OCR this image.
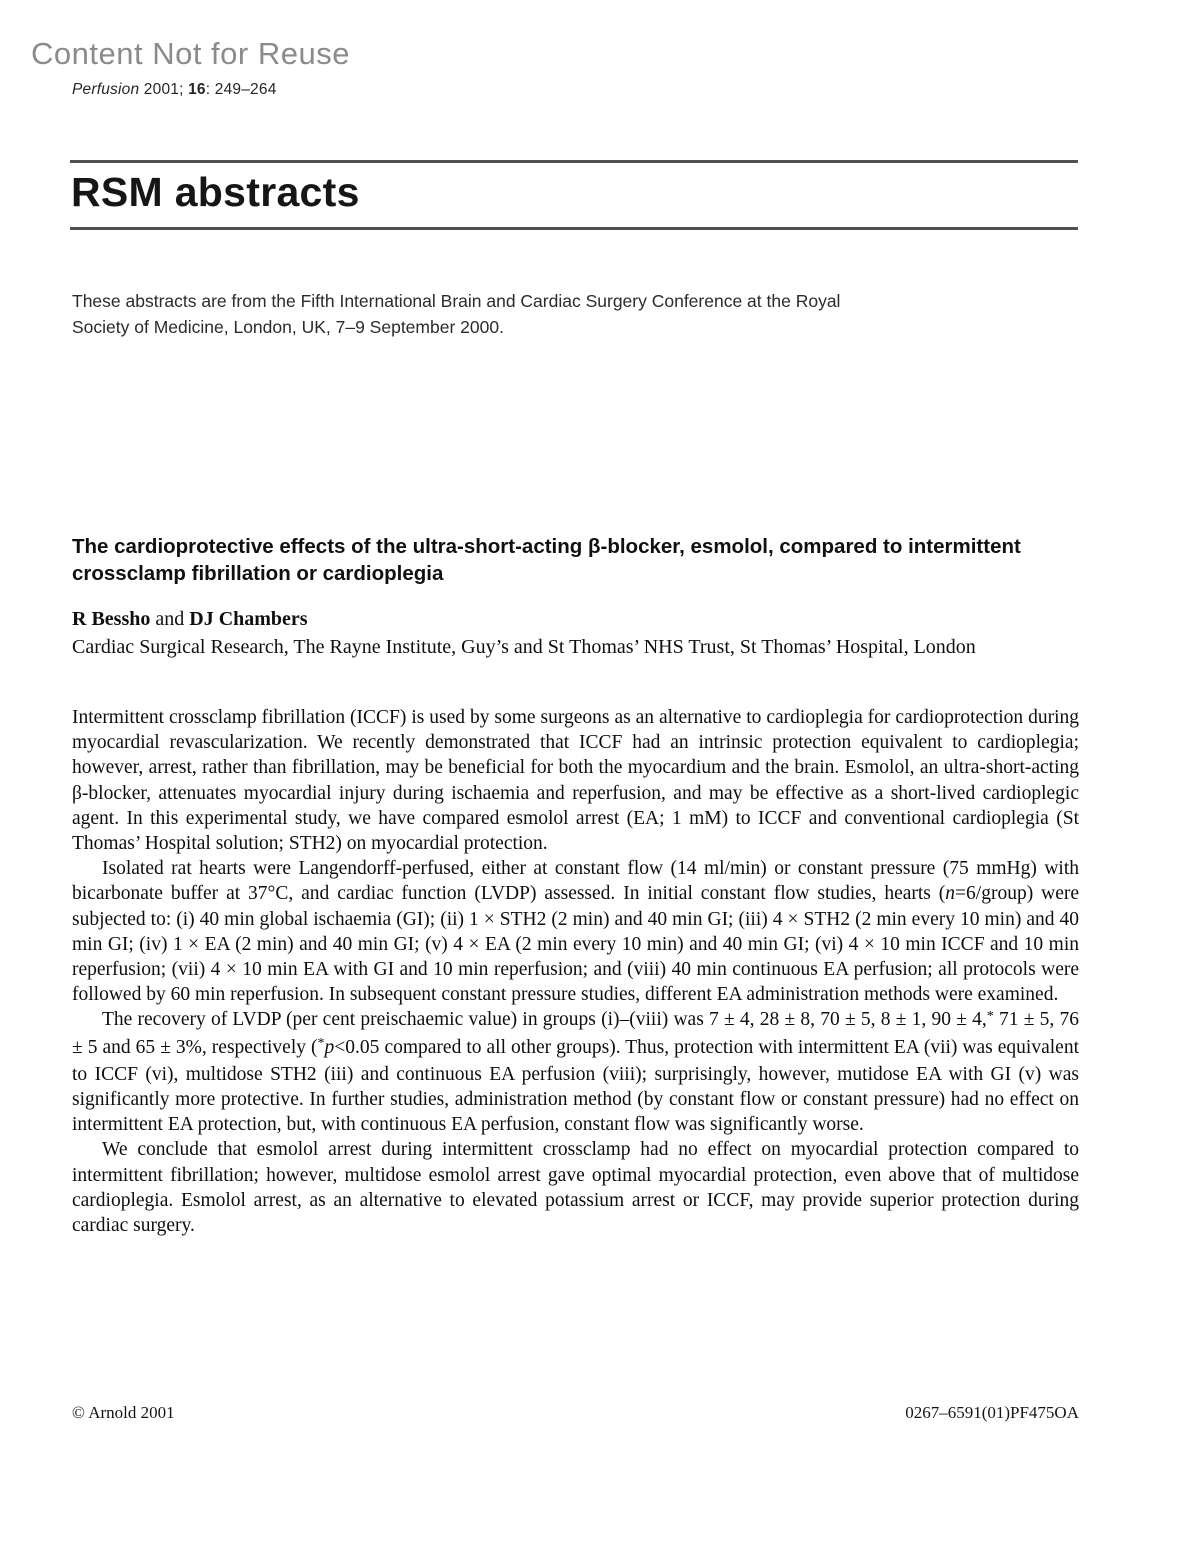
Content Not for Reuse
Perfusion 2001; 16: 249–264
RSM abstracts
These abstracts are from the Fifth International Brain and Cardiac Surgery Conference at the Royal Society of Medicine, London, UK, 7–9 September 2000.
The cardioprotective effects of the ultra-short-acting β-blocker, esmolol, compared to intermittent crossclamp fibrillation or cardioplegia
R Bessho and DJ Chambers
Cardiac Surgical Research, The Rayne Institute, Guy’s and St Thomas’ NHS Trust, St Thomas’ Hospital, London

Intermittent crossclamp fibrillation (ICCF) is used by some surgeons as an alternative to cardioplegia for cardioprotection during myocardial revascularization. We recently demonstrated that ICCF had an intrinsic protection equivalent to cardioplegia; however, arrest, rather than fibrillation, may be beneficial for both the myocardium and the brain. Esmolol, an ultra-short-acting β-blocker, attenuates myocardial injury during ischaemia and reperfusion, and may be effective as a short-lived cardioplegic agent. In this experimental study, we have compared esmolol arrest (EA; 1 mM) to ICCF and conventional cardioplegia (St Thomas’ Hospital solution; STH2) on myocardial protection.

Isolated rat hearts were Langendorff-perfused, either at constant flow (14 ml/min) or constant pressure (75 mmHg) with bicarbonate buffer at 37°C, and cardiac function (LVDP) assessed. In initial constant flow studies, hearts (n=6/group) were subjected to: (i) 40 min global ischaemia (GI); (ii) 1 × STH2 (2 min) and 40 min GI; (iii) 4 × STH2 (2 min every 10 min) and 40 min GI; (iv) 1 × EA (2 min) and 40 min GI; (v) 4 × EA (2 min every 10 min) and 40 min GI; (vi) 4 × 10 min ICCF and 10 min reperfusion; (vii) 4 × 10 min EA with GI and 10 min reperfusion; and (viii) 40 min continuous EA perfusion; all protocols were followed by 60 min reperfusion. In subsequent constant pressure studies, different EA administration methods were examined.

The recovery of LVDP (per cent preischaemic value) in groups (i)–(viii) was 7 ± 4, 28 ± 8, 70 ± 5, 8 ± 1, 90 ± 4,* 71 ± 5, 76 ± 5 and 65 ± 3%, respectively (*p<0.05 compared to all other groups). Thus, protection with intermittent EA (vii) was equivalent to ICCF (vi), multidose STH2 (iii) and continuous EA perfusion (viii); surprisingly, however, mutidose EA with GI (v) was significantly more protective. In further studies, administration method (by constant flow or constant pressure) had no effect on intermittent EA protection, but, with continuous EA perfusion, constant flow was significantly worse.

We conclude that esmolol arrest during intermittent crossclamp had no effect on myocardial protection compared to intermittent fibrillation; however, multidose esmolol arrest gave optimal myocardial protection, even above that of multidose cardioplegia. Esmolol arrest, as an alternative to elevated potassium arrest or ICCF, may provide superior protection during cardiac surgery.

© Arnold 2001	0267–6591(01)PF475OA
